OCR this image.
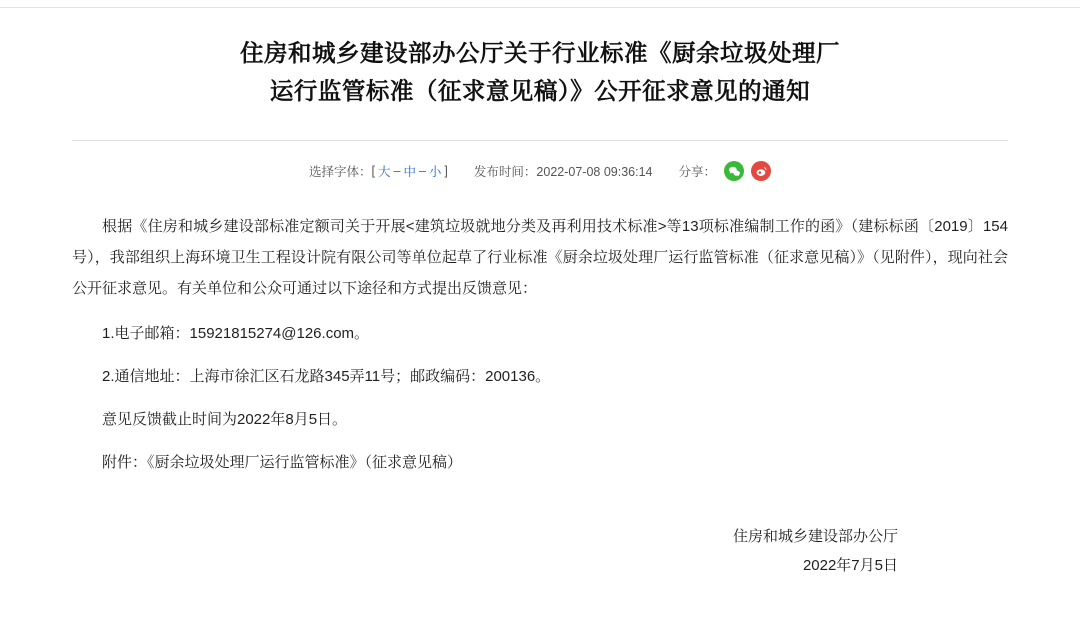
住房和城乡建设部办公厅关于行业标准《厨余垃圾处理厂
运行监管标准（征求意见稿）》公开征求意见的通知
选择字体： [ 大 – 中 – 小 ] 发布时间：2022-07-08 09:36:14 分享：

根据《住房和城乡建设部标准定额司关于开展<建筑垃圾就地分类及再利用技术标准>等13项标准编制工作的函》（建标标函〔2019〕154号），我部组织上海环境卫生工程设计院有限公司等单位起草了行业标准《厨余垃圾处理厂运行监管标准（征求意见稿）》（见附件），现向社会公开征求意见。有关单位和公众可通过以下途径和方式提出反馈意见：

1.电子邮箱：15921815274@126.com。

2.通信地址：上海市徐汇区石龙路345弄11号；邮政编码：200136。

意见反馈截止时间为2022年8月5日。

附件：《厨余垃圾处理厂运行监管标准》（征求意见稿）

住房和城乡建设部办公厅
2022年7月5日
